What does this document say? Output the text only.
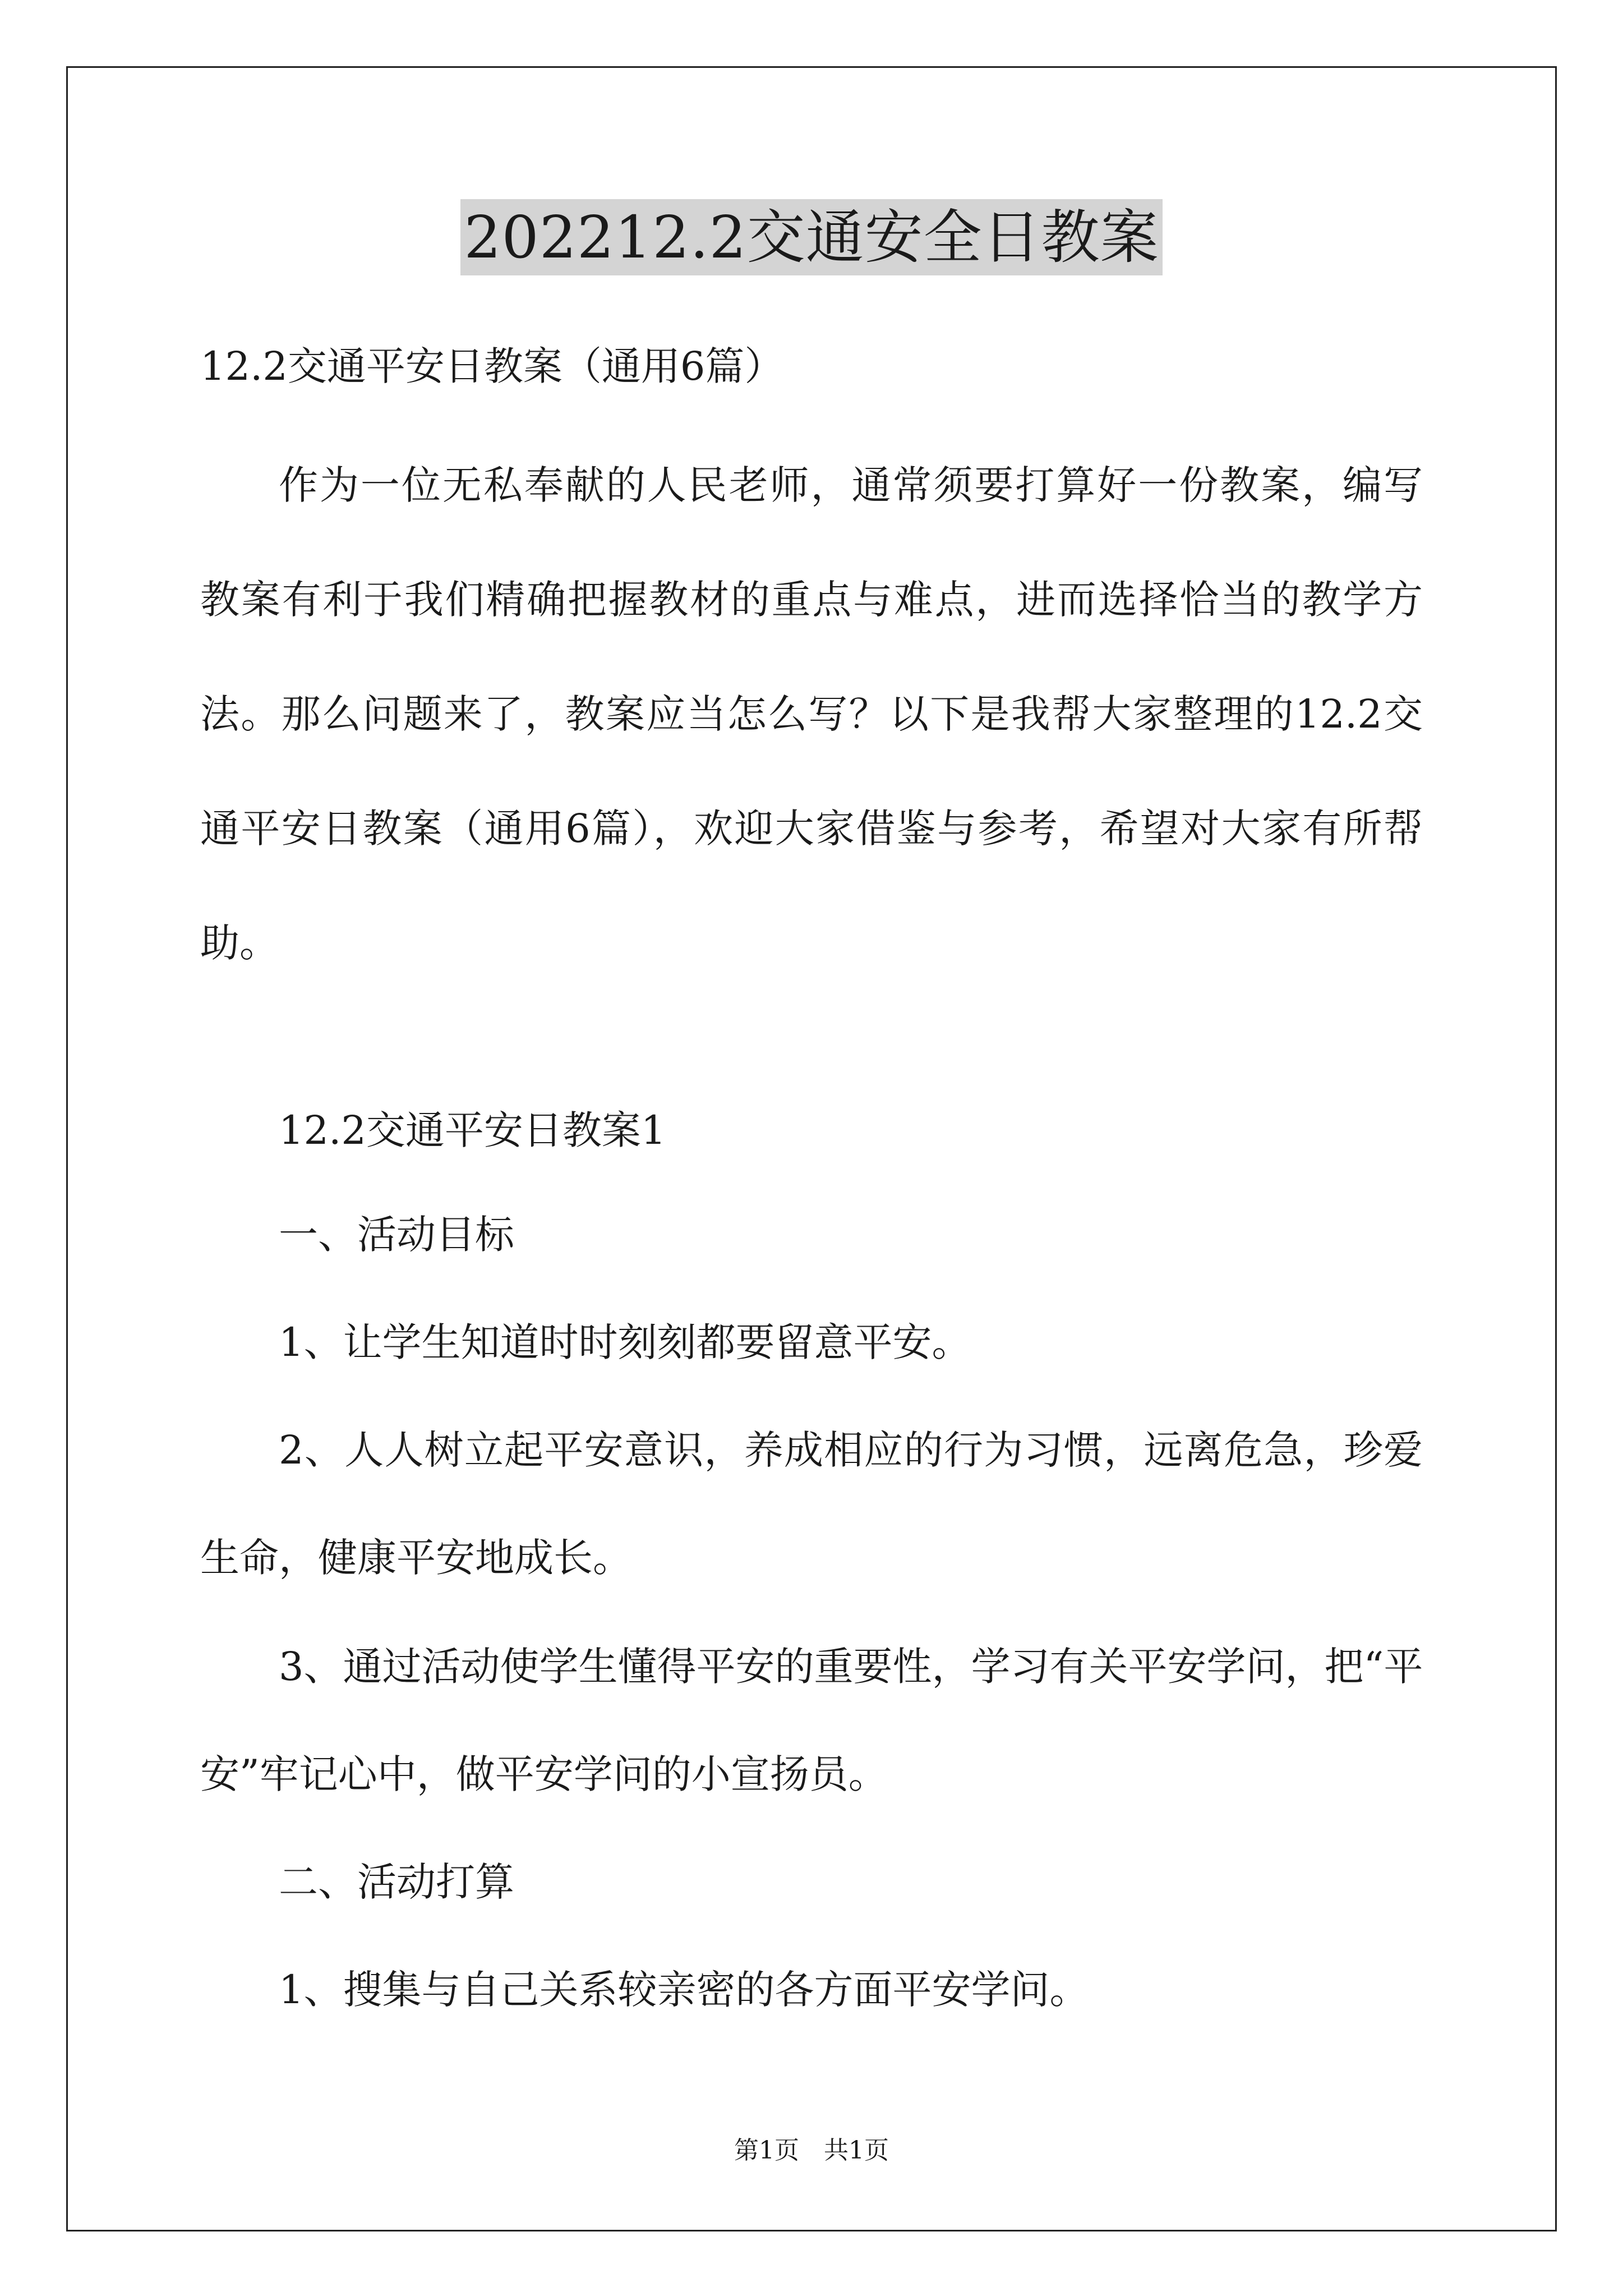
202212.2交通安全日教案
12.2交通平安日教案（通用6篇）
作为一位无私奉献的人民老师，通常须要打算好一份教案，编写
教案有利于我们精确把握教材的重点与难点，进而选择恰当的教学方
法。那么问题来了，教案应当怎么写？以下是我帮大家整理的12.2交
通平安日教案（通用6篇），欢迎大家借鉴与参考，希望对大家有所帮
助。
12.2交通平安日教案1
一、活动目标
1、让学生知道时时刻刻都要留意平安。
2、人人树立起平安意识，养成相应的行为习惯，远离危急，珍爱
生命，健康平安地成长。
3、通过活动使学生懂得平安的重要性，学习有关平安学问，把“平
安”牢记心中，做平安学问的小宣扬员。
二、活动打算
1、搜集与自己关系较亲密的各方面平安学问。
第1页　共1页
